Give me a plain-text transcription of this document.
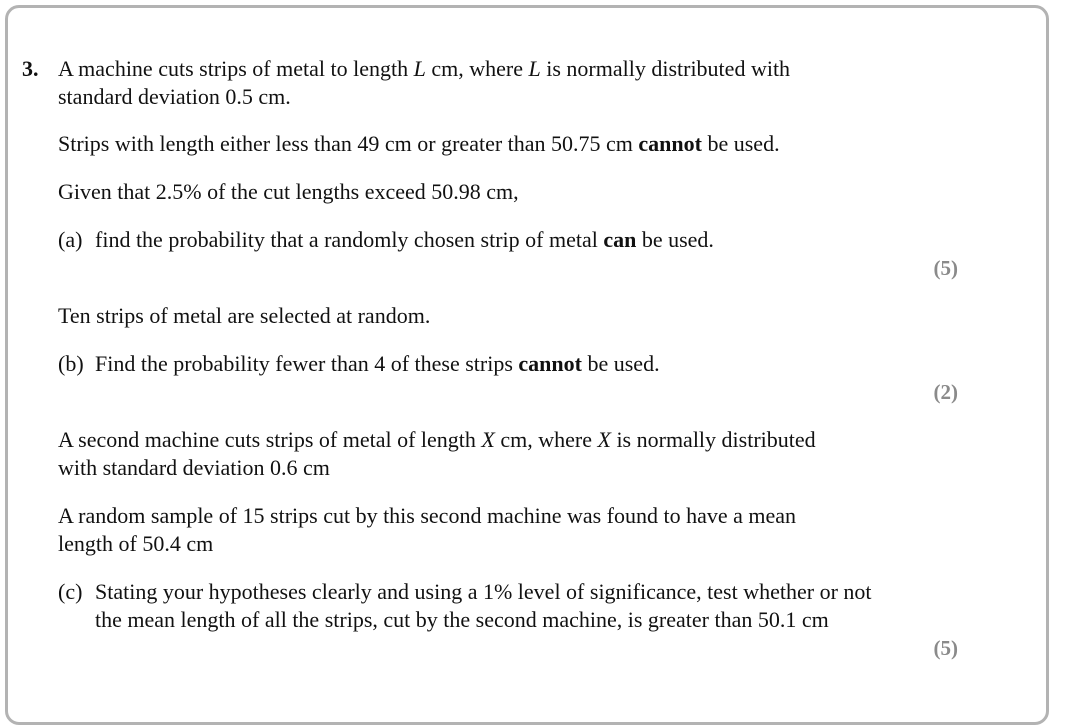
3. A machine cuts strips of metal to length L cm, where L is normally distributed with
standard deviation 0.5 cm.
Strips with length either less than 49 cm or greater than 50.75 cm cannot be used.
Given that 2.5% of the cut lengths exceed 50.98 cm,
(a) find the probability that a randomly chosen strip of metal can be used.
(5)
Ten strips of metal are selected at random.
(b) Find the probability fewer than 4 of these strips cannot be used.
(2)
A second machine cuts strips of metal of length X cm, where X is normally distributed
with standard deviation 0.6 cm
A random sample of 15 strips cut by this second machine was found to have a mean
length of 50.4 cm
(c) Stating your hypotheses clearly and using a 1% level of significance, test whether or not
the mean length of all the strips, cut by the second machine, is greater than 50.1 cm
(5)
